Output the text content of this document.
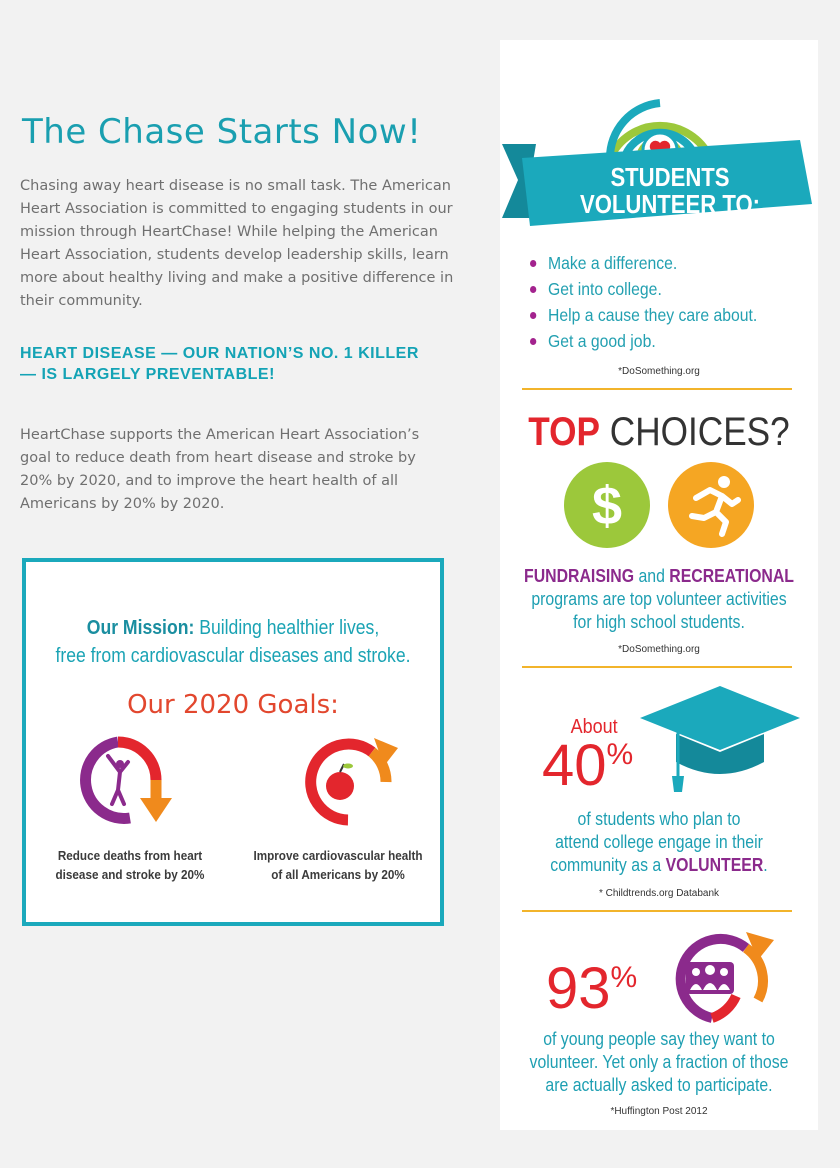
The Chase Starts Now!
Chasing away heart disease is no small task. The American Heart Association is committed to engaging students in our mission through HeartChase! While helping the American Heart Association, students develop leadership skills, learn more about healthy living and make a positive difference in their community.
HEART DISEASE — OUR NATION’S NO. 1 KILLER — IS LARGELY PREVENTABLE!
HeartChase supports the American Heart Association’s goal to reduce death from heart disease and stroke by 20% by 2020, and to improve the heart health of all Americans by 20% by 2020.
Our Mission: Building healthier lives,
free from cardiovascular diseases and stroke.
Our 2020 Goals:
Reduce deaths from heart
disease and stroke by 20%
Improve cardiovascular health
of all Americans by 20%
STUDENTS
VOLUNTEER TO:
Make a difference.
Get into college.
Help a cause they care about.
Get a good job.
*DoSomething.org
TOP CHOICES?
$
FUNDRAISING and RECREATIONAL
programs are top volunteer activities
for high school students.
*DoSomething.org
About
40%
of students who plan to
attend college engage in their
community as a VOLUNTEER.
* Childtrends.org Databank
93%
of young people say they want to
volunteer. Yet only a fraction of those
are actually asked to participate.
*Huffington Post 2012
